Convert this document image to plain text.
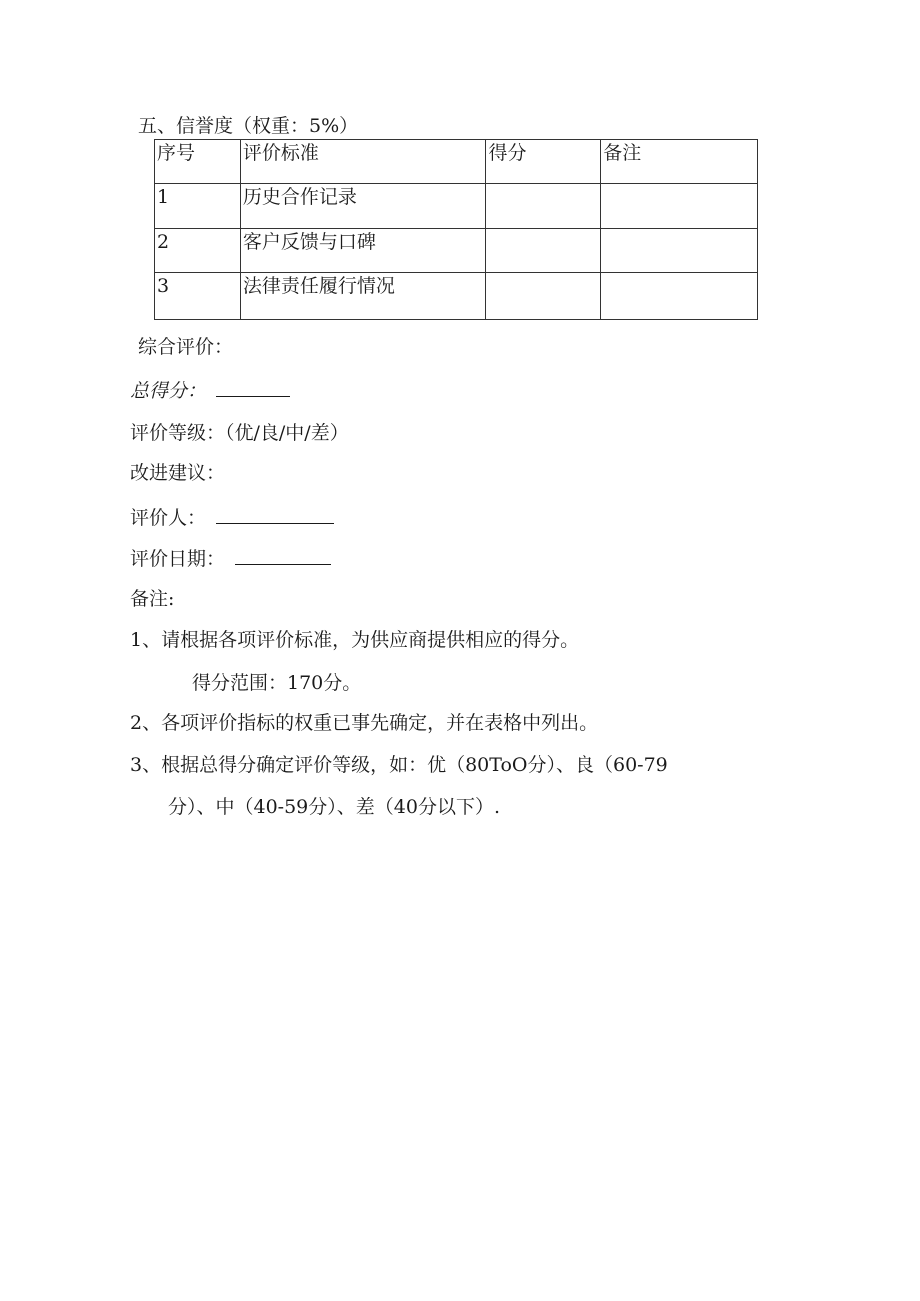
五、信誉度（权重：5%）
序号	评价标准	得分	备注
1	历史合作记录		
2	客户反馈与口碑		
3	法律责任履行情况		
综合评价：
总得分：
评价等级：（优/良/中/差）
改进建议：
评价人：
评价日期：
备注:
1、请根据各项评价标准，为供应商提供相应的得分。
得分范围：170分。
2、各项评价指标的权重已事先确定，并在表格中列出。
3、根据总得分确定评价等级，如：优（80ToO分）、良（60-79
分）、中（40-59分）、差（40分以下）.
